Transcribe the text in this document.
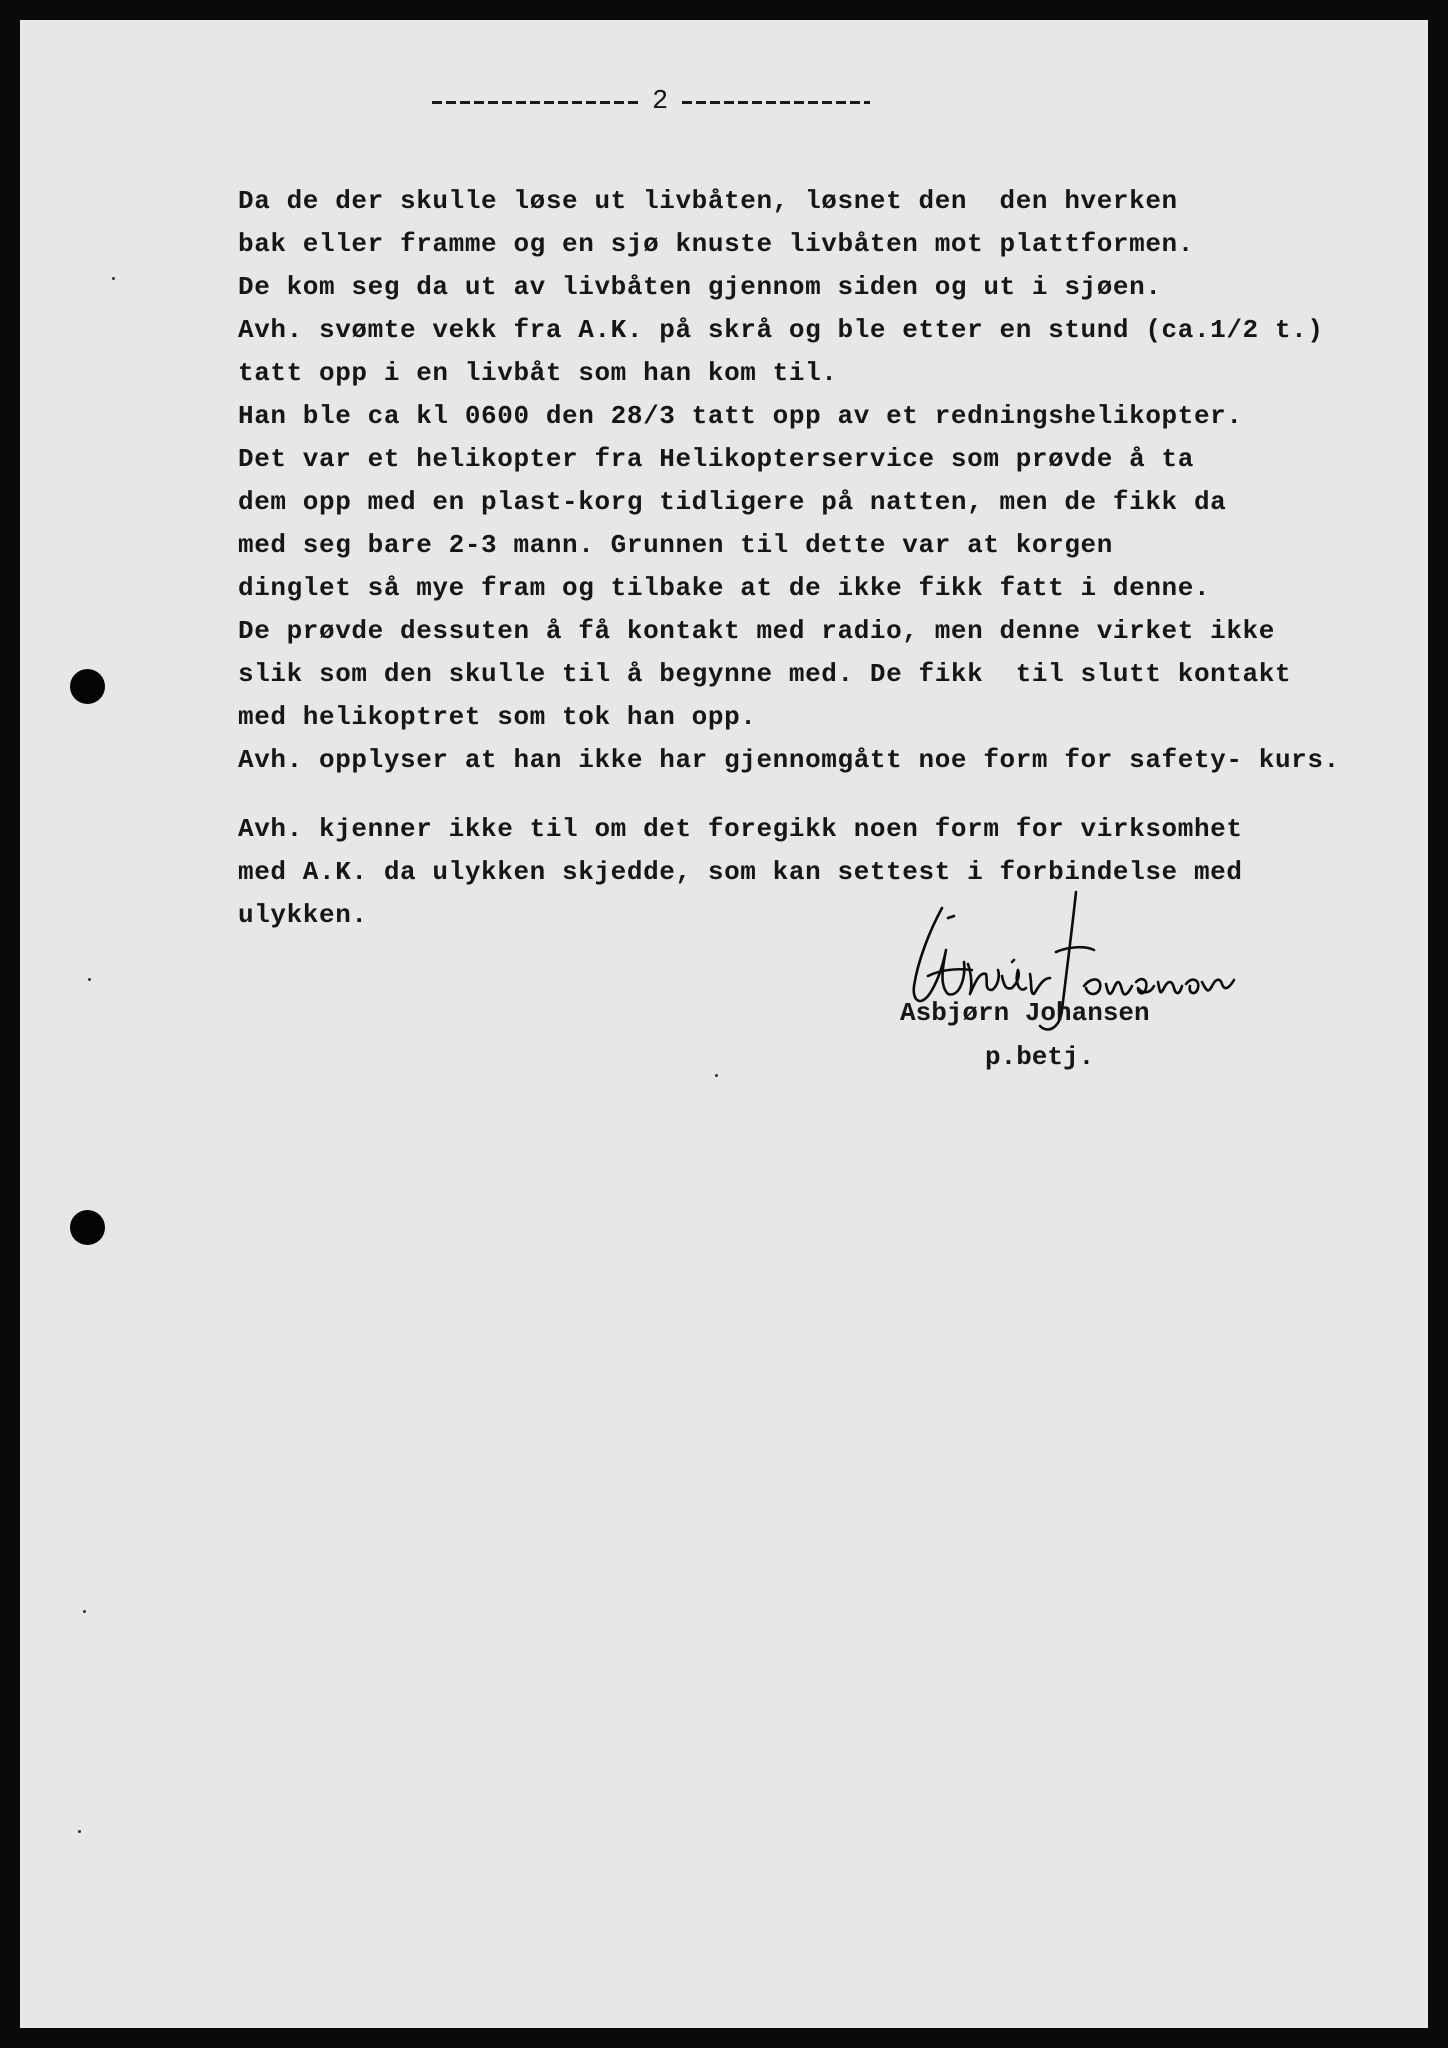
2

Da de der skulle løse ut livbåten, løsnet den  den hverken

bak eller framme og en sjø knuste livbåten mot plattformen.

De kom seg da ut av livbåten gjennom siden og ut i sjøen.

Avh. svømte vekk fra A.K. på skrå og ble etter en stund (ca.1/2 t.)

tatt opp i en livbåt som han kom til.

Han ble ca kl 0600 den 28/3 tatt opp av et redningshelikopter.

Det var et helikopter fra Helikopterservice som prøvde å ta

dem opp med en plast-korg tidligere på natten, men de fikk da

med seg bare 2-3 mann. Grunnen til dette var at korgen

dinglet så mye fram og tilbake at de ikke fikk fatt i denne.

De prøvde dessuten å få kontakt med radio, men denne virket ikke

slik som den skulle til å begynne med. De fikk  til slutt kontakt

med helikoptret som tok han opp.

Avh. opplyser at han ikke har gjennomgått noe form for safety- kurs.

Avh. kjenner ikke til om det foregikk noen form for virksomhet

med A.K. da ulykken skjedde, som kan settest i forbindelse med

ulykken.

Asbjørn Johansen
p.betj.
